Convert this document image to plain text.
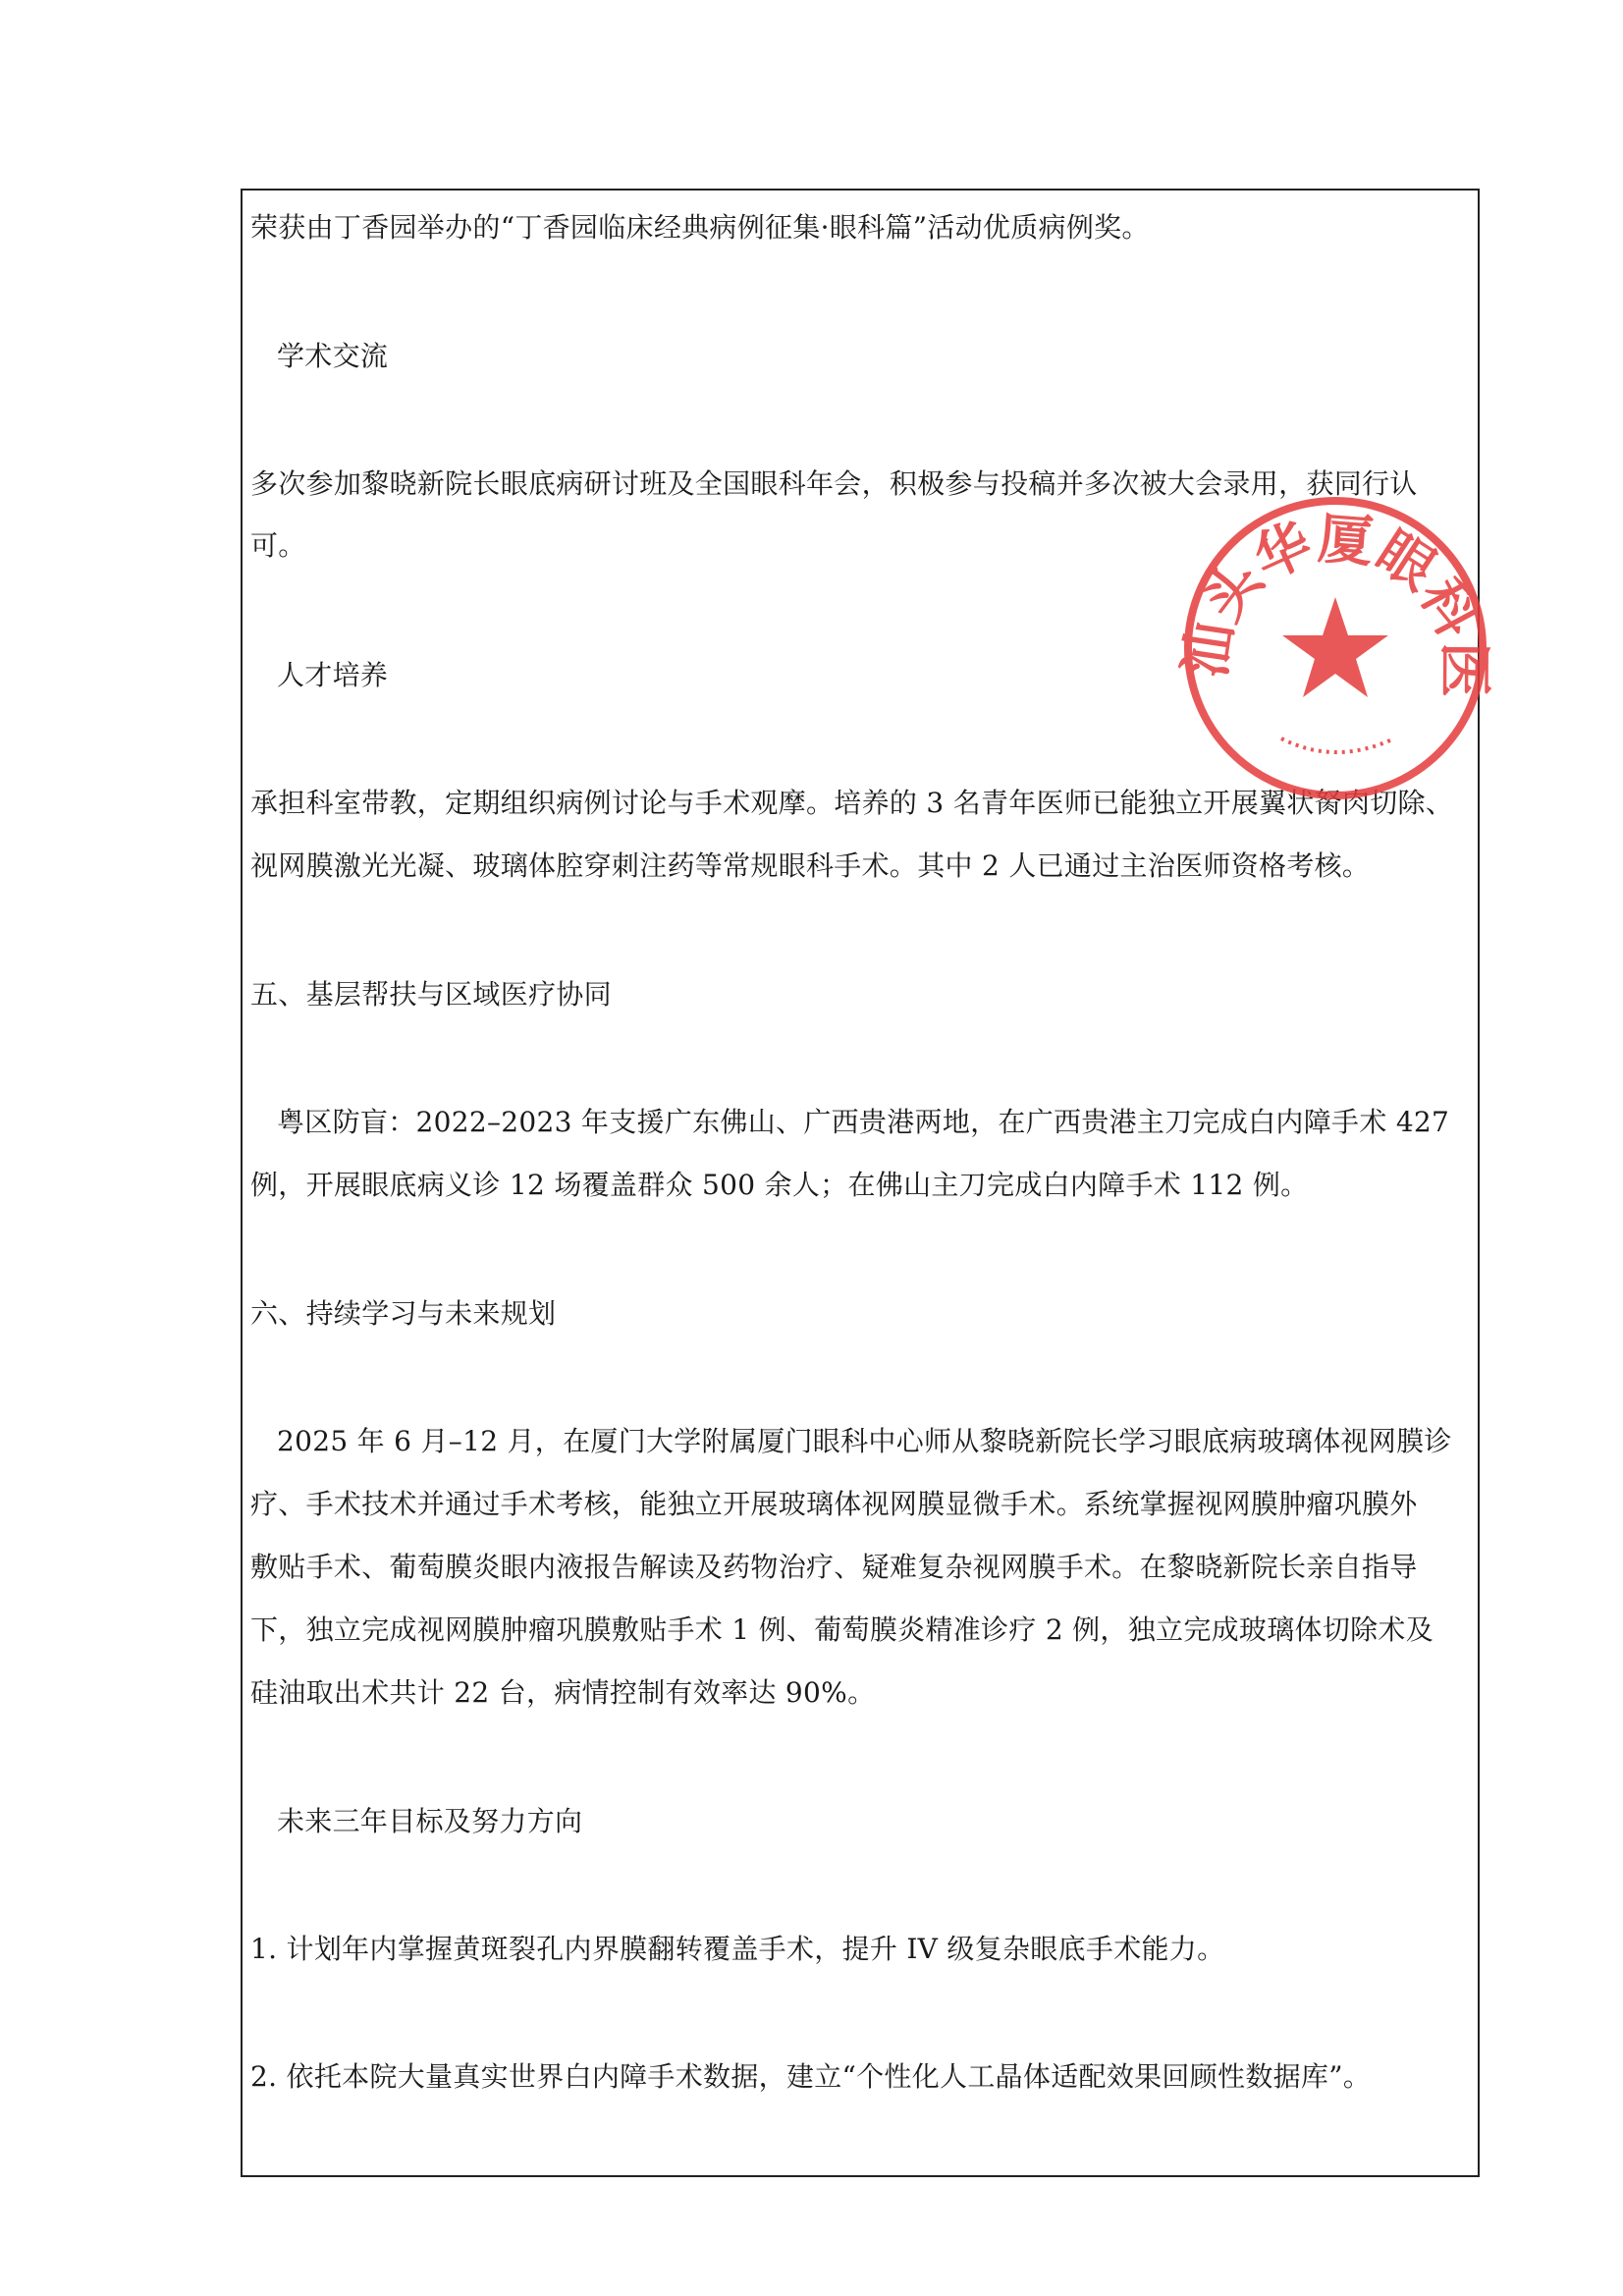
荣获由丁香园举办的“丁香园临床经典病例征集·眼科篇”活动优质病例奖。
学术交流
多次参加黎晓新院长眼底病研讨班及全国眼科年会，积极参与投稿并多次被大会录用，获同行认
可。
人才培养
承担科室带教，定期组织病例讨论与手术观摩。培养的 3 名青年医师已能独立开展翼状胬肉切除、
视网膜激光光凝、玻璃体腔穿刺注药等常规眼科手术。其中 2 人已通过主治医师资格考核。
五、基层帮扶与区域医疗协同
粤区防盲：2022–2023 年支援广东佛山、广西贵港两地，在广西贵港主刀完成白内障手术 427
例，开展眼底病义诊 12 场覆盖群众 500 余人；在佛山主刀完成白内障手术 112 例。
六、持续学习与未来规划
2025 年 6 月–12 月，在厦门大学附属厦门眼科中心师从黎晓新院长学习眼底病玻璃体视网膜诊
疗、手术技术并通过手术考核，能独立开展玻璃体视网膜显微手术。系统掌握视网膜肿瘤巩膜外
敷贴手术、葡萄膜炎眼内液报告解读及药物治疗、疑难复杂视网膜手术。在黎晓新院长亲自指导
下，独立完成视网膜肿瘤巩膜敷贴手术 1 例、葡萄膜炎精准诊疗 2 例，独立完成玻璃体切除术及
硅油取出术共计 22 台，病情控制有效率达 90%。
未来三年目标及努力方向
1. 计划年内掌握黄斑裂孔内界膜翻转覆盖手术，提升 IV 级复杂眼底手术能力。
2. 依托本院大量真实世界白内障手术数据，建立“个性化人工晶体适配效果回顾性数据库”。
汕头华厦眼科医
